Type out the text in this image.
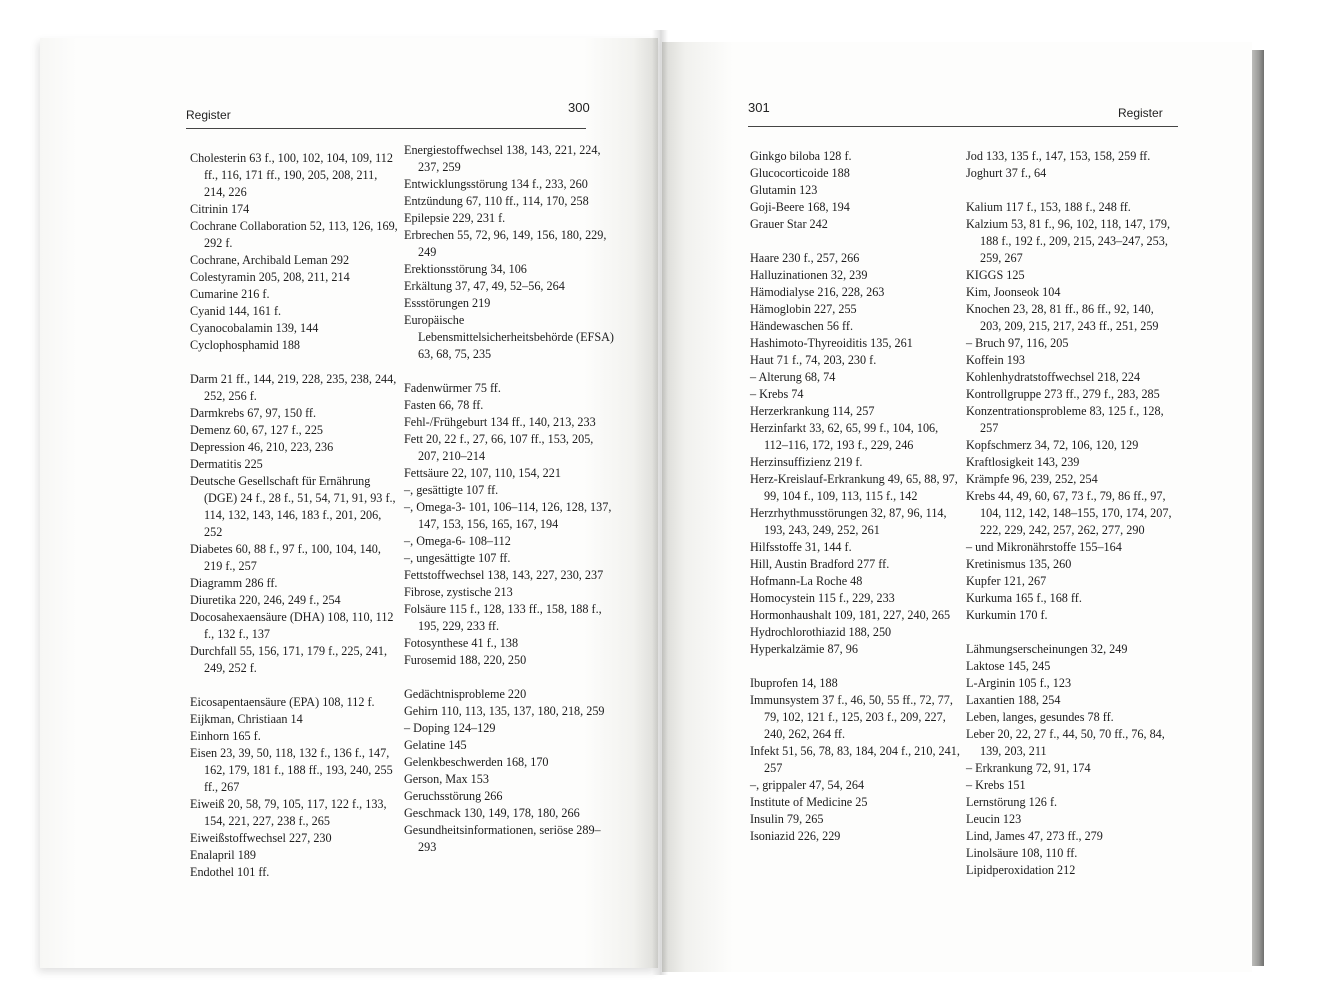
Register	300

Cholesterin 63 f., 100, 102, 104, 109, 112 ff., 116, 171 ff., 190, 205, 208, 211, 214, 226

Citrinin 174

Cochrane Collaboration 52, 113, 126, 169, 292 f.

Cochrane, Archibald Leman 292

Colestyramin 205, 208, 211, 214

Cumarine 216 f.

Cyanid 144, 161 f.

Cyanocobalamin 139, 144

Cyclophosphamid 188

Darm 21 ff., 144, 219, 228, 235, 238, 244, 252, 256 f.

Darmkrebs 67, 97, 150 ff.

Demenz 60, 67, 127 f., 225

Depression 46, 210, 223, 236

Dermatitis 225

Deutsche Gesellschaft für Ernährung (DGE) 24 f., 28 f., 51, 54, 71, 91, 93 f., 114, 132, 143, 146, 183 f., 201, 206, 252

Diabetes 60, 88 f., 97 f., 100, 104, 140, 219 f., 257

Diagramm 286 ff.

Diuretika 220, 246, 249 f., 254

Docosahexaensäure (DHA) 108, 110, 112 f., 132 f., 137

Durchfall 55, 156, 171, 179 f., 225, 241, 249, 252 f.

Eicosapentaensäure (EPA) 108, 112 f.

Eijkman, Christiaan 14

Einhorn 165 f.

Eisen 23, 39, 50, 118, 132 f., 136 f., 147, 162, 179, 181 f., 188 ff., 193, 240, 255 ff., 267

Eiweiß 20, 58, 79, 105, 117, 122 f., 133, 154, 221, 227, 238 f., 265

Eiweißstoffwechsel 227, 230

Enalapril 189

Endothel 101 ff.

Energiestoffwechsel 138, 143, 221, 224, 237, 259

Entwicklungsstörung 134 f., 233, 260

Entzündung 67, 110 ff., 114, 170, 258

Epilepsie 229, 231 f.

Erbrechen 55, 72, 96, 149, 156, 180, 229, 249

Erektionsstörung 34, 106

Erkältung 37, 47, 49, 52–56, 264

Essstörungen 219

Europäische Lebensmittelsicherheitsbehörde (EFSA) 63, 68, 75, 235

Fadenwürmer 75 ff.

Fasten 66, 78 ff.

Fehl-/Frühgeburt 134 ff., 140, 213, 233

Fett 20, 22 f., 27, 66, 107 ff., 153, 205, 207, 210–214

Fettsäure 22, 107, 110, 154, 221

–, gesättigte 107 ff.

–, Omega-3- 101, 106–114, 126, 128, 137, 147, 153, 156, 165, 167, 194

–, Omega-6- 108–112

–, ungesättigte 107 ff.

Fettstoffwechsel 138, 143, 227, 230, 237

Fibrose, zystische 213

Folsäure 115 f., 128, 133 ff., 158, 188 f., 195, 229, 233 ff.

Fotosynthese 41 f., 138

Furosemid 188, 220, 250

Gedächtnisprobleme 220

Gehirn 110, 113, 135, 137, 180, 218, 259

– Doping 124–129

Gelatine 145

Gelenkbeschwerden 168, 170

Gerson, Max 153

Geruchsstörung 266

Geschmack 130, 149, 178, 180, 266

Gesundheitsinformationen, seriöse 289–293

301	Register

Ginkgo biloba 128 f.

Glucocorticoide 188

Glutamin 123

Goji-Beere 168, 194

Grauer Star 242

Haare 230 f., 257, 266

Halluzinationen 32, 239

Hämodialyse 216, 228, 263

Hämoglobin 227, 255

Händewaschen 56 ff.

Hashimoto-Thyreoiditis 135, 261

Haut 71 f., 74, 203, 230 f.

– Alterung 68, 74

– Krebs 74

Herzerkrankung 114, 257

Herzinfarkt 33, 62, 65, 99 f., 104, 106, 112–116, 172, 193 f., 229, 246

Herzinsuffizienz 219 f.

Herz-Kreislauf-Erkrankung 49, 65, 88, 97, 99, 104 f., 109, 113, 115 f., 142

Herzrhythmusstörungen 32, 87, 96, 114, 193, 243, 249, 252, 261

Hilfsstoffe 31, 144 f.

Hill, Austin Bradford 277 ff.

Hofmann-La Roche 48

Homocystein 115 f., 229, 233

Hormonhaushalt 109, 181, 227, 240, 265

Hydrochlorothiazid 188, 250

Hyperkalzämie 87, 96

Ibuprofen 14, 188

Immunsystem 37 f., 46, 50, 55 ff., 72, 77, 79, 102, 121 f., 125, 203 f., 209, 227, 240, 262, 264 ff.

Infekt 51, 56, 78, 83, 184, 204 f., 210, 241, 257

–, grippaler 47, 54, 264

Institute of Medicine 25

Insulin 79, 265

Isoniazid 226, 229

Jod 133, 135 f., 147, 153, 158, 259 ff.

Joghurt 37 f., 64

Kalium 117 f., 153, 188 f., 248 ff.

Kalzium 53, 81 f., 96, 102, 118, 147, 179, 188 f., 192 f., 209, 215, 243–247, 253, 259, 267

KIGGS 125

Kim, Joonseok 104

Knochen 23, 28, 81 ff., 86 ff., 92, 140, 203, 209, 215, 217, 243 ff., 251, 259

– Bruch 97, 116, 205

Koffein 193

Kohlenhydratstoffwechsel 218, 224

Kontrollgruppe 273 ff., 279 f., 283, 285

Konzentrationsprobleme 83, 125 f., 128, 257

Kopfschmerz 34, 72, 106, 120, 129

Kraftlosigkeit 143, 239

Krämpfe 96, 239, 252, 254

Krebs 44, 49, 60, 67, 73 f., 79, 86 ff., 97, 104, 112, 142, 148–155, 170, 174, 207, 222, 229, 242, 257, 262, 277, 290

– und Mikronährstoffe 155–164

Kretinismus 135, 260

Kupfer 121, 267

Kurkuma 165 f., 168 ff.

Kurkumin 170 f.

Lähmungserscheinungen 32, 249

Laktose 145, 245

L-Arginin 105 f., 123

Laxantien 188, 254

Leben, langes, gesundes 78 ff.

Leber 20, 22, 27 f., 44, 50, 70 ff., 76, 84, 139, 203, 211

– Erkrankung 72, 91, 174

– Krebs 151

Lernstörung 126 f.

Leucin 123

Lind, James 47, 273 ff., 279

Linolsäure 108, 110 ff.

Lipidperoxidation 212
